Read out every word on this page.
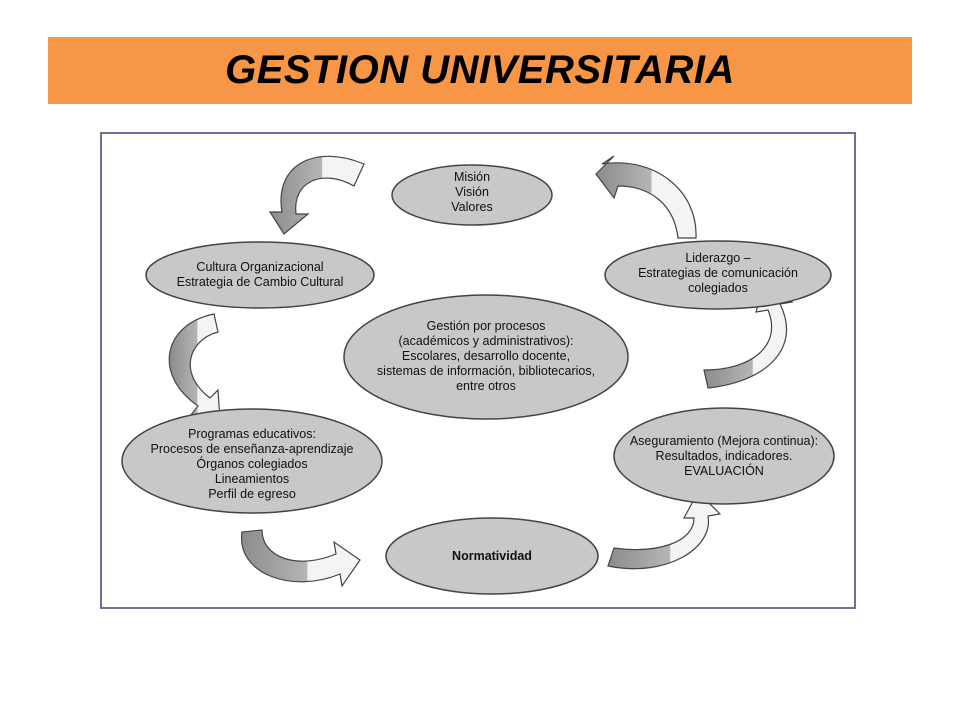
GESTION UNIVERSITARIA
Misión
Visión
Valores
Liderazgo –
Estrategias de comunicación
colegiados
Aseguramiento (Mejora continua):
Resultados, indicadores.
EVALUACIÓN
Normatividad
Programas educativos:
Procesos de enseñanza-aprendizaje
Órganos colegiados
Lineamientos
Perfil de egreso
Cultura Organizacional
Estrategia de Cambio Cultural
Gestión por procesos
(académicos y administrativos):
Escolares, desarrollo docente,
sistemas de información, bibliotecarios,
entre otros
